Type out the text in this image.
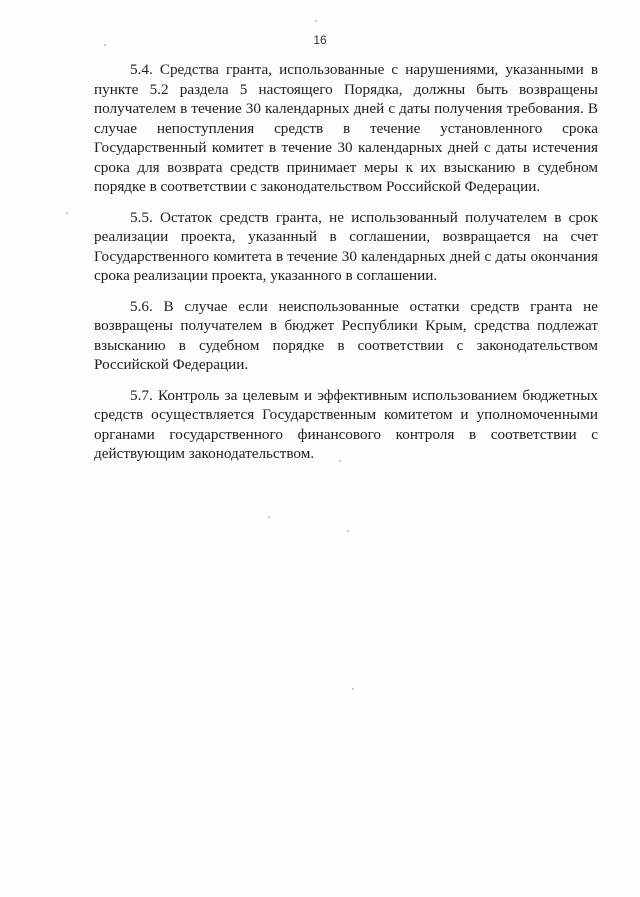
16

5.4. Средства гранта, использованные с нарушениями, указанными в пункте 5.2 раздела 5 настоящего Порядка, должны быть возвращены получателем в течение 30 календарных дней с даты получения требования. В случае непоступления средств в течение установленного срока Государственный комитет в течение 30 календарных дней с даты истечения срока для возврата средств принимает меры к их взысканию в судебном порядке в соответствии с законодательством Российской Федерации.

5.5. Остаток средств гранта, не использованный получателем в срок реализации проекта, указанный в соглашении, возвращается на счет Государственного комитета в течение 30 календарных дней с даты окончания срока реализации проекта, указанного в соглашении.

5.6. В случае если неиспользованные остатки средств гранта не возвращены получателем в бюджет Республики Крым, средства подлежат взысканию в судебном порядке в соответствии с законодательством Российской Федерации.

5.7. Контроль за целевым и эффективным использованием бюджетных средств осуществляется Государственным комитетом и уполномоченными органами государственного финансового контроля в соответствии с действующим законодательством.
